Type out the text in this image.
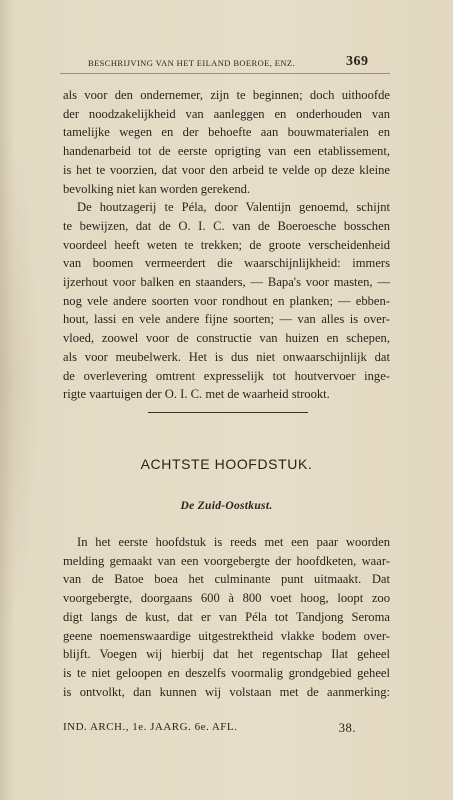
BESCHRIJVING VAN HET EILAND BOEROE, ENZ.	369

als voor den ondernemer, zijn te beginnen; doch uithoofde

der noodzakelijkheid van aanleggen en onderhouden van

tamelijke wegen en der behoefte aan bouwmaterialen en

handenarbeid tot de eerste oprigting van een etablissement,

is het te voorzien, dat voor den arbeid te velde op deze kleine

bevolking niet kan worden gerekend.

De houtzagerij te Péla, door Valentijn genoemd, schijnt

te bewijzen, dat de O. I. C. van de Boeroesche bosschen

voordeel heeft weten te trekken; de groote verscheidenheid

van boomen vermeerdert die waarschijnlijkheid: immers

ijzerhout voor balken en staanders, — Bapa's voor masten, —

nog vele andere soorten voor rondhout en planken; — ebben-

hout, lassi en vele andere fijne soorten; — van alles is over-

vloed, zoowel voor de constructie van huizen en schepen,

als voor meubelwerk. Het is dus niet onwaarschijnlijk dat

de overlevering omtrent expresselijk tot houtvervoer inge-

rigte vaartuigen der O. I. C. met de waarheid strookt.

ACHTSTE HOOFDSTUK.
De Zuid-Oostkust.

In het eerste hoofdstuk is reeds met een paar woorden

melding gemaakt van een voorgebergte der hoofdketen, waar-

van de Batoe boea het culminante punt uitmaakt. Dat

voorgebergte, doorgaans 600 à 800 voet hoog, loopt zoo

digt langs de kust, dat er van Péla tot Tandjong Seroma

geene noemenswaardige uitgestrektheid vlakke bodem over-

blijft. Voegen wij hierbij dat het regentschap Ilat geheel

is te niet geloopen en deszelfs voormalig grondgebied geheel

is ontvolkt, dan kunnen wij volstaan met de aanmerking:

IND. ARCH., 1e. JAARG. 6e. AFL.	38.
